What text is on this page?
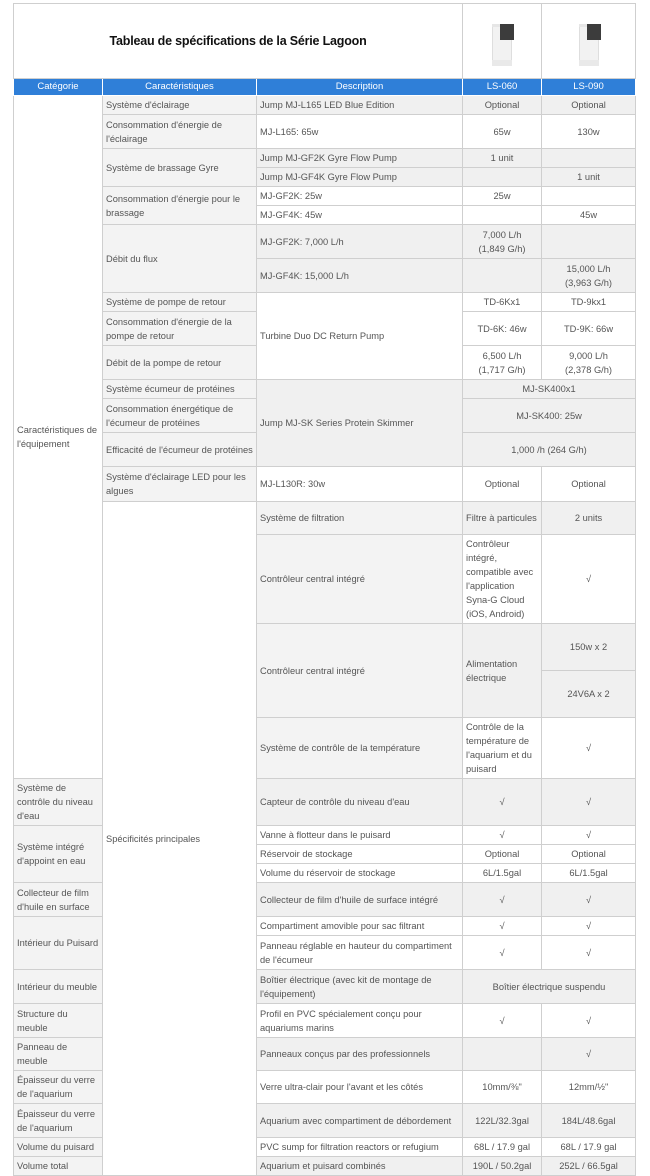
Tableau de spécifications de la Série Lagoon				

Catégorie	Caractéristiques	Description	LS-060	LS-090	
Caractéristiques de l'équipement	Système d'éclairage	Jump MJ-L165 LED Blue Edition	Optional	Optional	
	Consommation d'énergie de l'éclairage	MJ-L165: 65w	65w	130w	
	Système de brassage Gyre	Jump MJ-GF2K Gyre Flow Pump	1 unit		
		Jump MJ-GF4K Gyre Flow Pump		1 unit	
	Consommation d'énergie pour le brassage	MJ-GF2K: 25w	25w		
		MJ-GF4K: 45w		45w	
	Débit du flux	MJ-GF2K: 7,000 L/h	7,000 L/h
(1,849 G/h)		
		MJ-GF4K: 15,000 L/h		15,000 L/h
(3,963 G/h)	
	Système de pompe de retour	Turbine Duo DC Return Pump	TD-6Kx1	TD-9kx1	
	Consommation d'énergie de la pompe de retour		TD-6K: 46w	TD-9K: 66w	
	Débit de la pompe de retour		6,500 L/h
(1,717 G/h)	9,000 L/h
(2,378 G/h)	
	Système écumeur de protéines	Jump MJ-SK Series Protein Skimmer	MJ-SK400x1		
	Consommation énergétique de l'écumeur de protéines		MJ-SK400: 25w		
	Efficacité de l'écumeur de protéines		1,000 /h (264 G/h)		
	Système d'éclairage LED pour les algues	MJ-L130R: 30w	Optional	Optional	
	Spécificités principales	Système de filtration	Filtre à particules	2 units	
		Contrôleur central intégré	Contrôleur intégré, compatible avec l'application Syna-G Cloud (iOS, Android)	√	
		Contrôleur central intégré	Alimentation électrique	150w x 2	
				24V6A x 2	
		Système de contrôle de la température	Contrôle de la température de l'aquarium et du puisard	√	
Système de contrôle du niveau d'eau		Capteur de contrôle du niveau d'eau	√	√	
Système intégré d'appoint en eau		Vanne à flotteur dans le puisard	√	√	
		Réservoir de stockage	Optional	Optional	
		Volume du réservoir de stockage	6L/1.5gal	6L/1.5gal	
Collecteur de film d'huile en surface		Collecteur de film d'huile de surface intégré	√	√	
Intérieur du Puisard		Compartiment amovible pour sac filtrant	√	√	
		Panneau réglable en hauteur du compartiment de l'écumeur	√	√	
Intérieur du meuble		Boîtier électrique (avec kit de montage de l'équipement)	Boîtier électrique suspendu		
Structure du meuble		Profil en PVC spécialement conçu pour aquariums marins	√	√	
Panneau de meuble		Panneaux conçus par des professionnels		√	
Épaisseur du verre de l'aquarium		Verre ultra-clair pour l'avant et les côtés	10mm/⅜"	12mm/½"	
Épaisseur du verre de l'aquarium		Aquarium avec compartiment de débordement	122L/32.3gal	184L/48.6gal	
Volume du puisard		PVC sump for filtration reactors or refugium	68L / 17.9 gal	68L / 17.9 gal	
Volume total		Aquarium et puisard combinés	190L / 50.2gal	252L / 66.5gal	
